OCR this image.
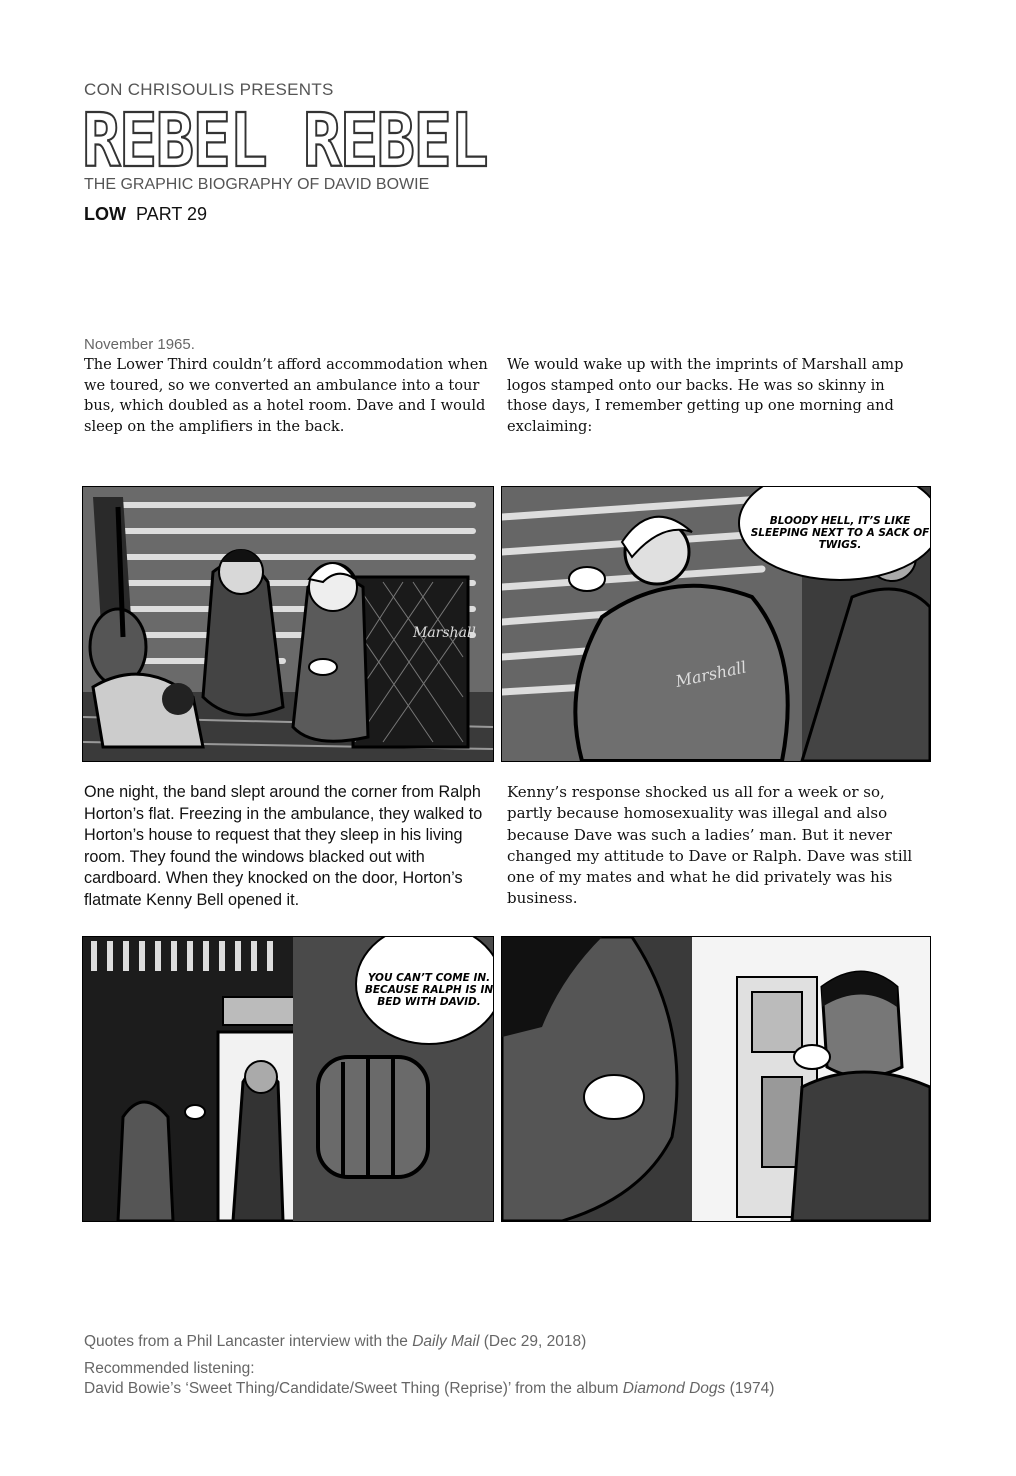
CON CHRISOULIS PRESENTS
REBEL REBEL
THE GRAPHIC BIOGRAPHY OF DAVID BOWIE
LOW PART 29
November 1965.
The Lower Third couldn’t afford accommodation when we toured, so we converted an ambulance into a tour bus, which doubled as a hotel room. Dave and I would sleep on the amplifiers in the back.
We would wake up with the imprints of Marshall amp logos stamped onto our backs. He was so skinny in those days, I remember getting up one morning and exclaiming:
Marshall
Marshall
BLOODY HELL, IT’S LIKE SLEEPING NEXT TO A SACK OF TWIGS.
One night, the band slept around the corner from Ralph Horton’s flat. Freezing in the ambulance, they walked to Horton’s house to request that they sleep in his living room. They found the windows blacked out with cardboard. When they knocked on the door, Horton’s flatmate Kenny Bell opened it.
Kenny’s response shocked us all for a week or so, partly because homosexuality was illegal and also because Dave was such a ladies’ man. But it never changed my attitude to Dave or Ralph. Dave was still one of my mates and what he did privately was his business.
YOU CAN’T COME IN. BECAUSE RALPH IS IN BED WITH DAVID.
Quotes from a Phil Lancaster interview with the Daily Mail (Dec 29, 2018)
Recommended listening:
David Bowie’s ‘Sweet Thing/Candidate/Sweet Thing (Reprise)’ from the album Diamond Dogs (1974)
